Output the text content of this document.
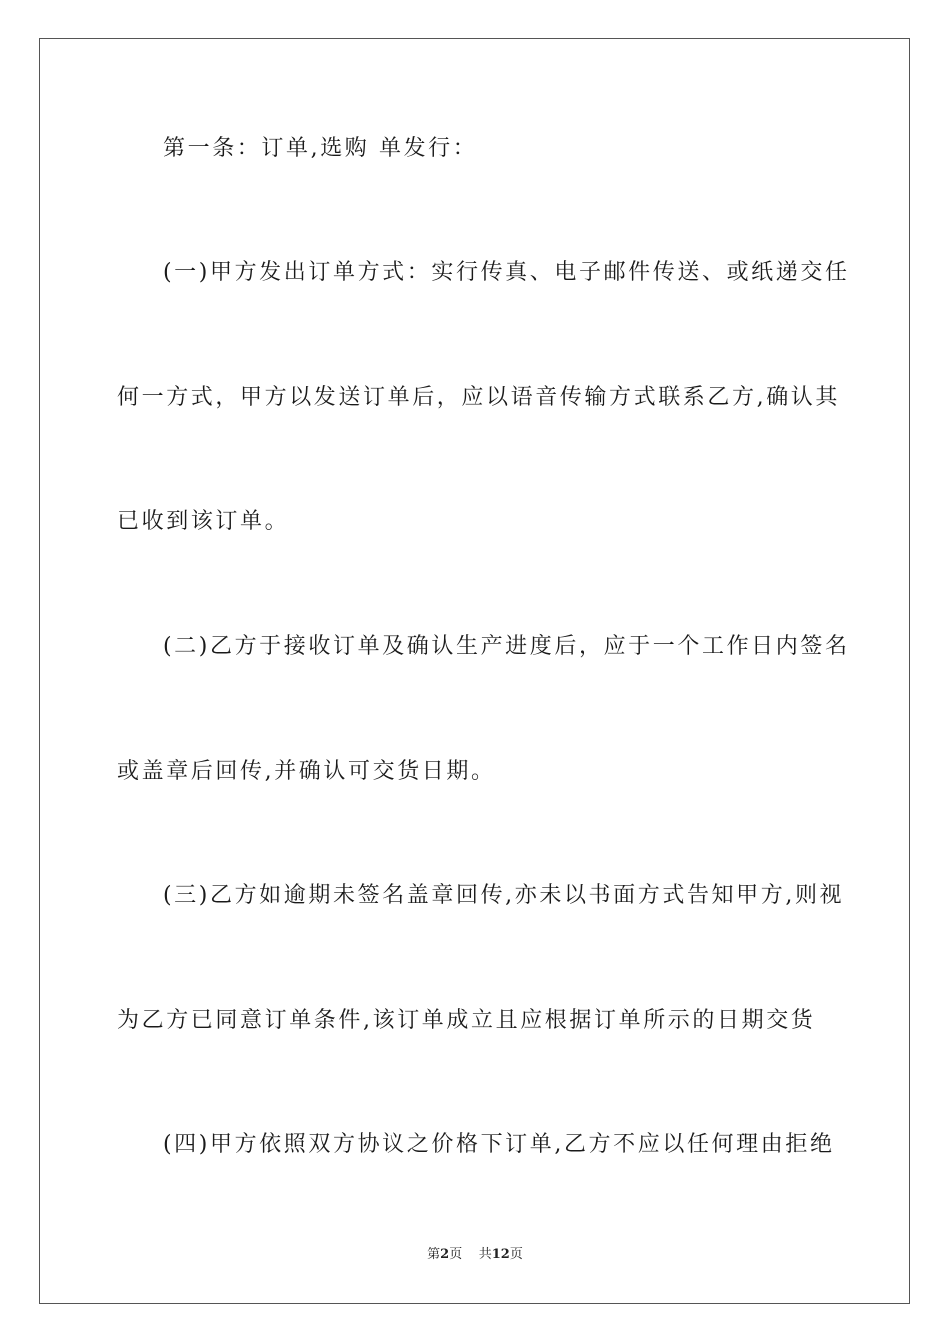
第一条：订单,选购 单发行：
(一)甲方发出订单方式：实行传真、电子邮件传送、或纸递交任
何一方式，甲方以发送订单后，应以语音传输方式联系乙方,确认其
已收到该订单。
(二)乙方于接收订单及确认生产进度后，应于一个工作日内签名
或盖章后回传,并确认可交货日期。
(三)乙方如逾期未签名盖章回传,亦未以书面方式告知甲方,则视
为乙方已同意订单条件,该订单成立且应根据订单所示的日期交货
(四)甲方依照双方协议之价格下订单,乙方不应以任何理由拒绝
第2页 共12页
